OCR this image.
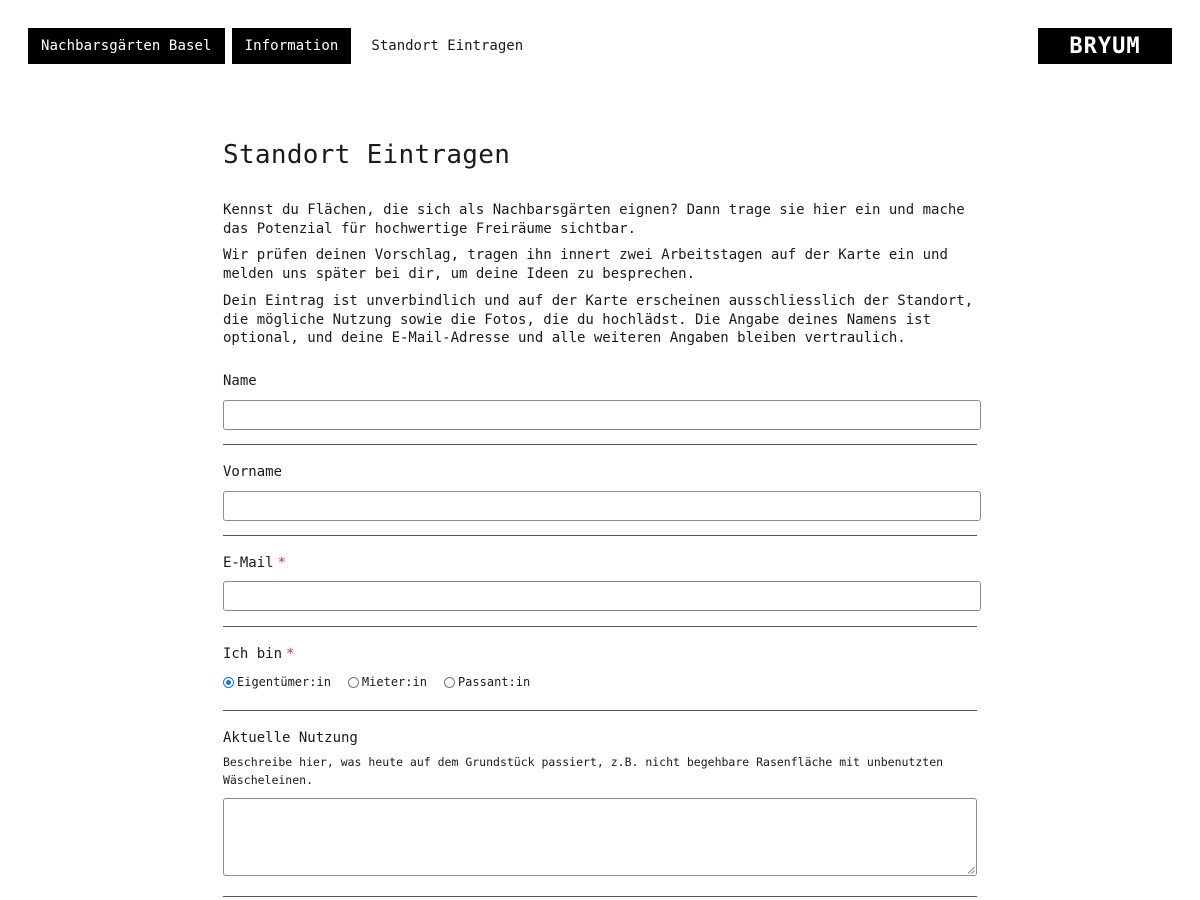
Nachbarsgärten Basel	Information	Standort Eintragen	BRYUM
Standort Eintragen

Kennst du Flächen, die sich als Nachbarsgärten eignen? Dann trage sie hier ein und mache das Potenzial für hochwertige Freiräume sichtbar.

Wir prüfen deinen Vorschlag, tragen ihn innert zwei Arbeitstagen auf der Karte ein und melden uns später bei dir, um deine Ideen zu besprechen.

Dein Eintrag ist unverbindlich und auf der Karte erscheinen ausschliesslich der Standort, die mögliche Nutzung sowie die Fotos, die du hochlädst. Die Angabe deines Namens ist optional, und deine E-Mail-Adresse und alle weiteren Angaben bleiben vertraulich.

Name
Vorname
E-Mail *
Ich bin *
Eigentümer:in	Mieter:in	Passant:in
Aktuelle Nutzung
Beschreibe hier, was heute auf dem Grundstück passiert, z.B. nicht begehbare Rasenfläche mit unbenutzten Wäscheleinen.
